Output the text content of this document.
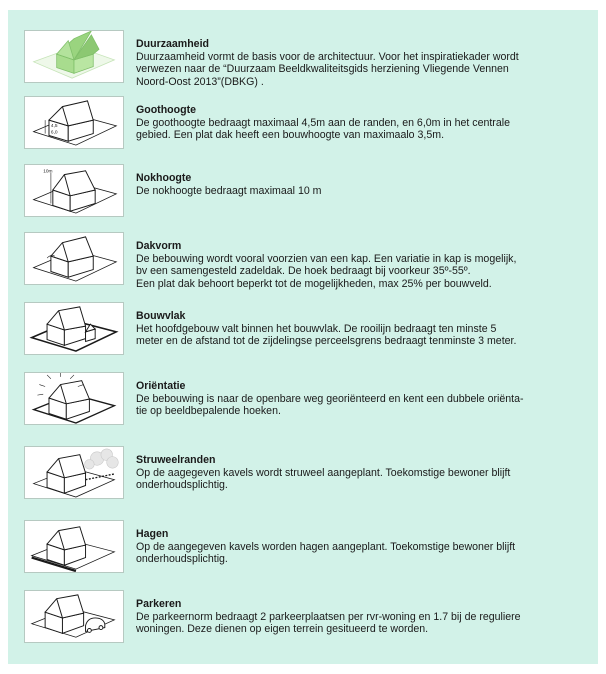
Duurzaamheid
Duurzaamheid vormt de basis voor de architectuur. Voor het inspiratiekader wordt
verwezen naar de “Duurzaam Beeldkwaliteitsgids herziening Vliegende Vennen
Noord-Oost 2013”(DBKG) .
4,5
6,0
Goothoogte
De goothoogte bedraagt maximaal 4,5m aan de randen, en 6,0m in het centrale
gebied. Een plat dak heeft een bouwhoogte van maximaalo 3,5m.
10m	Nokhoogte
De nokhoogte bedraagt maximaal 10 m
Dakvorm
De bebouwing wordt vooral voorzien van een kap. Een variatie in kap is mogelijk,
bv een samengesteld zadeldak. De hoek bedraagt bij voorkeur 35º-55º.
Een plat dak behoort beperkt tot de mogelijkheden, max 25% per bouwveld.
Bouwvlak
Het hoofdgebouw valt binnen het bouwvlak. De rooilijn bedraagt ten minste 5
meter en de afstand tot de zijdelingse perceelsgrens bedraagt tenminste 3 meter.
Oriëntatie
De bebouwing is naar de openbare weg georiënteerd en kent een dubbele oriënta-
tie op beeldbepalende hoeken.
Struweelranden
Op de aagegeven kavels wordt struweel aangeplant. Toekomstige bewoner blijft
onderhoudsplichtig.
Hagen
Op de aangegeven kavels worden hagen aangeplant. Toekomstige bewoner blijft
onderhoudsplichtig.
Parkeren
De parkeernorm bedraagt 2 parkeerplaatsen per rvr-woning en 1.7 bij de reguliere
woningen. Deze dienen op eigen terrein gesitueerd te worden.
